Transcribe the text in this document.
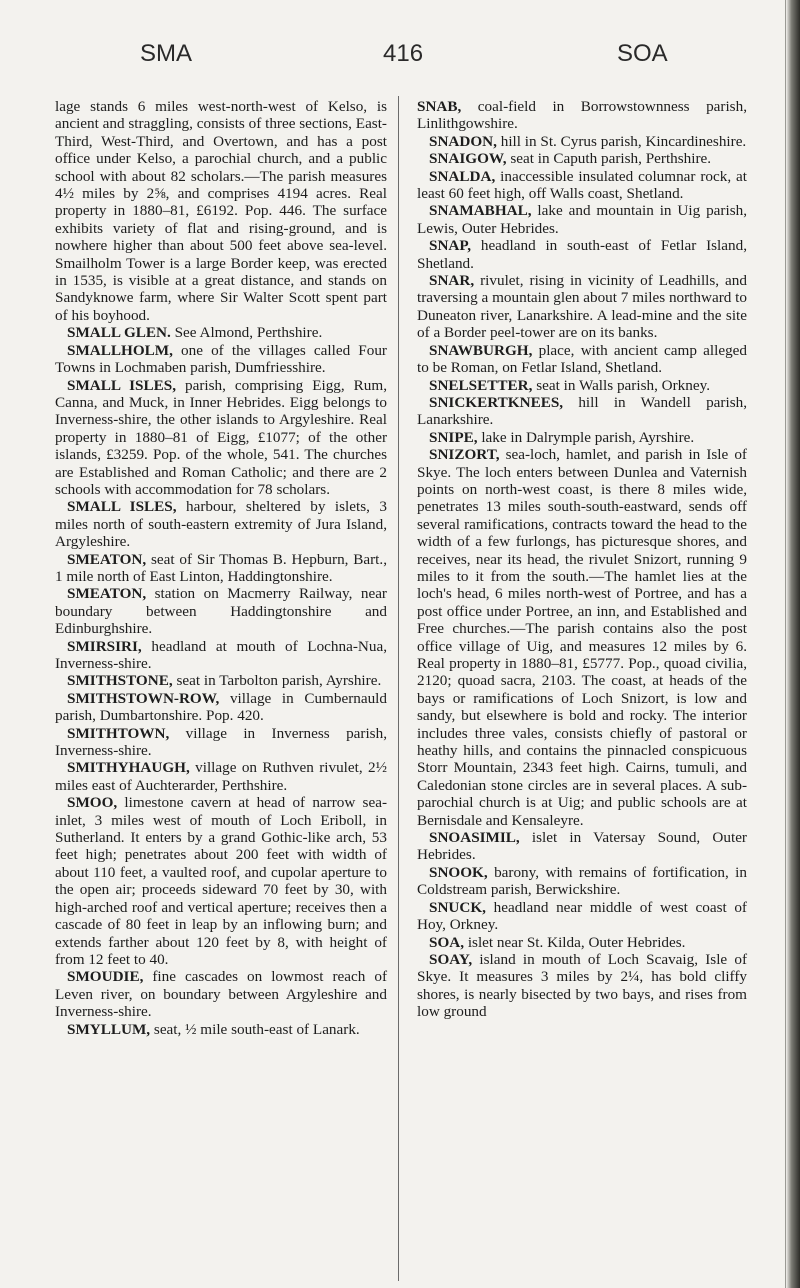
SMA	416	SOA

lage stands 6 miles west-north-west of Kelso, is ancient and straggling, consists of three sections, East-Third, West-Third, and Overtown, and has a post office under Kelso, a parochial church, and a public school with about 82 scholars.—The parish measures 4½ miles by 2⅝, and comprises 4194 acres. Real property in 1880–81, £6192. Pop. 446. The surface exhibits variety of flat and rising-ground, and is nowhere higher than about 500 feet above sea-level. Smailholm Tower is a large Border keep, was erected in 1535, is visible at a great distance, and stands on Sandyknowe farm, where Sir Walter Scott spent part of his boyhood.

SMALL GLEN. See Almond, Perthshire.

SMALLHOLM, one of the villages called Four Towns in Lochmaben parish, Dumfriesshire.

SMALL ISLES, parish, comprising Eigg, Rum, Canna, and Muck, in Inner Hebrides. Eigg belongs to Inverness-shire, the other islands to Argyleshire. Real property in 1880–81 of Eigg, £1077; of the other islands, £3259. Pop. of the whole, 541. The churches are Established and Roman Catholic; and there are 2 schools with accommodation for 78 scholars.

SMALL ISLES, harbour, sheltered by islets, 3 miles north of south-eastern extremity of Jura Island, Argyleshire.

SMEATON, seat of Sir Thomas B. Hepburn, Bart., 1 mile north of East Linton, Haddingtonshire.

SMEATON, station on Macmerry Railway, near boundary between Haddingtonshire and Edinburghshire.

SMIRSIRI, headland at mouth of Lochna-Nua, Inverness-shire.

SMITHSTONE, seat in Tarbolton parish, Ayrshire.

SMITHSTOWN-ROW, village in Cumbernauld parish, Dumbartonshire. Pop. 420.

SMITHTOWN, village in Inverness parish, Inverness-shire.

SMITHYHAUGH, village on Ruthven rivulet, 2½ miles east of Auchterarder, Perthshire.

SMOO, limestone cavern at head of narrow sea-inlet, 3 miles west of mouth of Loch Eriboll, in Sutherland. It enters by a grand Gothic-like arch, 53 feet high; penetrates about 200 feet with width of about 110 feet, a vaulted roof, and cupolar aperture to the open air; proceeds sideward 70 feet by 30, with high-arched roof and vertical aperture; receives then a cascade of 80 feet in leap by an inflowing burn; and extends farther about 120 feet by 8, with height of from 12 feet to 40.

SMOUDIE, fine cascades on lowmost reach of Leven river, on boundary between Argyleshire and Inverness-shire.

SMYLLUM, seat, ½ mile south-east of Lanark.

SNAB, coal-field in Borrowstownness parish, Linlithgowshire.

SNADON, hill in St. Cyrus parish, Kincardineshire.

SNAIGOW, seat in Caputh parish, Perthshire.

SNALDA, inaccessible insulated columnar rock, at least 60 feet high, off Walls coast, Shetland.

SNAMABHAL, lake and mountain in Uig parish, Lewis, Outer Hebrides.

SNAP, headland in south-east of Fetlar Island, Shetland.

SNAR, rivulet, rising in vicinity of Leadhills, and traversing a mountain glen about 7 miles northward to Duneaton river, Lanarkshire. A lead-mine and the site of a Border peel-tower are on its banks.

SNAWBURGH, place, with ancient camp alleged to be Roman, on Fetlar Island, Shetland.

SNELSETTER, seat in Walls parish, Orkney.

SNICKERTKNEES, hill in Wandell parish, Lanarkshire.

SNIPE, lake in Dalrymple parish, Ayrshire.

SNIZORT, sea-loch, hamlet, and parish in Isle of Skye. The loch enters between Dunlea and Vaternish points on north-west coast, is there 8 miles wide, penetrates 13 miles south-south-eastward, sends off several ramifications, contracts toward the head to the width of a few furlongs, has picturesque shores, and receives, near its head, the rivulet Snizort, running 9 miles to it from the south.—The hamlet lies at the loch's head, 6 miles north-west of Portree, and has a post office under Portree, an inn, and Established and Free churches.—The parish contains also the post office village of Uig, and measures 12 miles by 6. Real property in 1880–81, £5777. Pop., quoad civilia, 2120; quoad sacra, 2103. The coast, at heads of the bays or ramifications of Loch Snizort, is low and sandy, but elsewhere is bold and rocky. The interior includes three vales, consists chiefly of pastoral or heathy hills, and contains the pinnacled conspicuous Storr Mountain, 2343 feet high. Cairns, tumuli, and Caledonian stone circles are in several places. A sub-parochial church is at Uig; and public schools are at Bernisdale and Kensaleyre.

SNOASIMIL, islet in Vatersay Sound, Outer Hebrides.

SNOOK, barony, with remains of fortification, in Coldstream parish, Berwickshire.

SNUCK, headland near middle of west coast of Hoy, Orkney.

SOA, islet near St. Kilda, Outer Hebrides.

SOAY, island in mouth of Loch Scavaig, Isle of Skye. It measures 3 miles by 2¼, has bold cliffy shores, is nearly bisected by two bays, and rises from low ground
